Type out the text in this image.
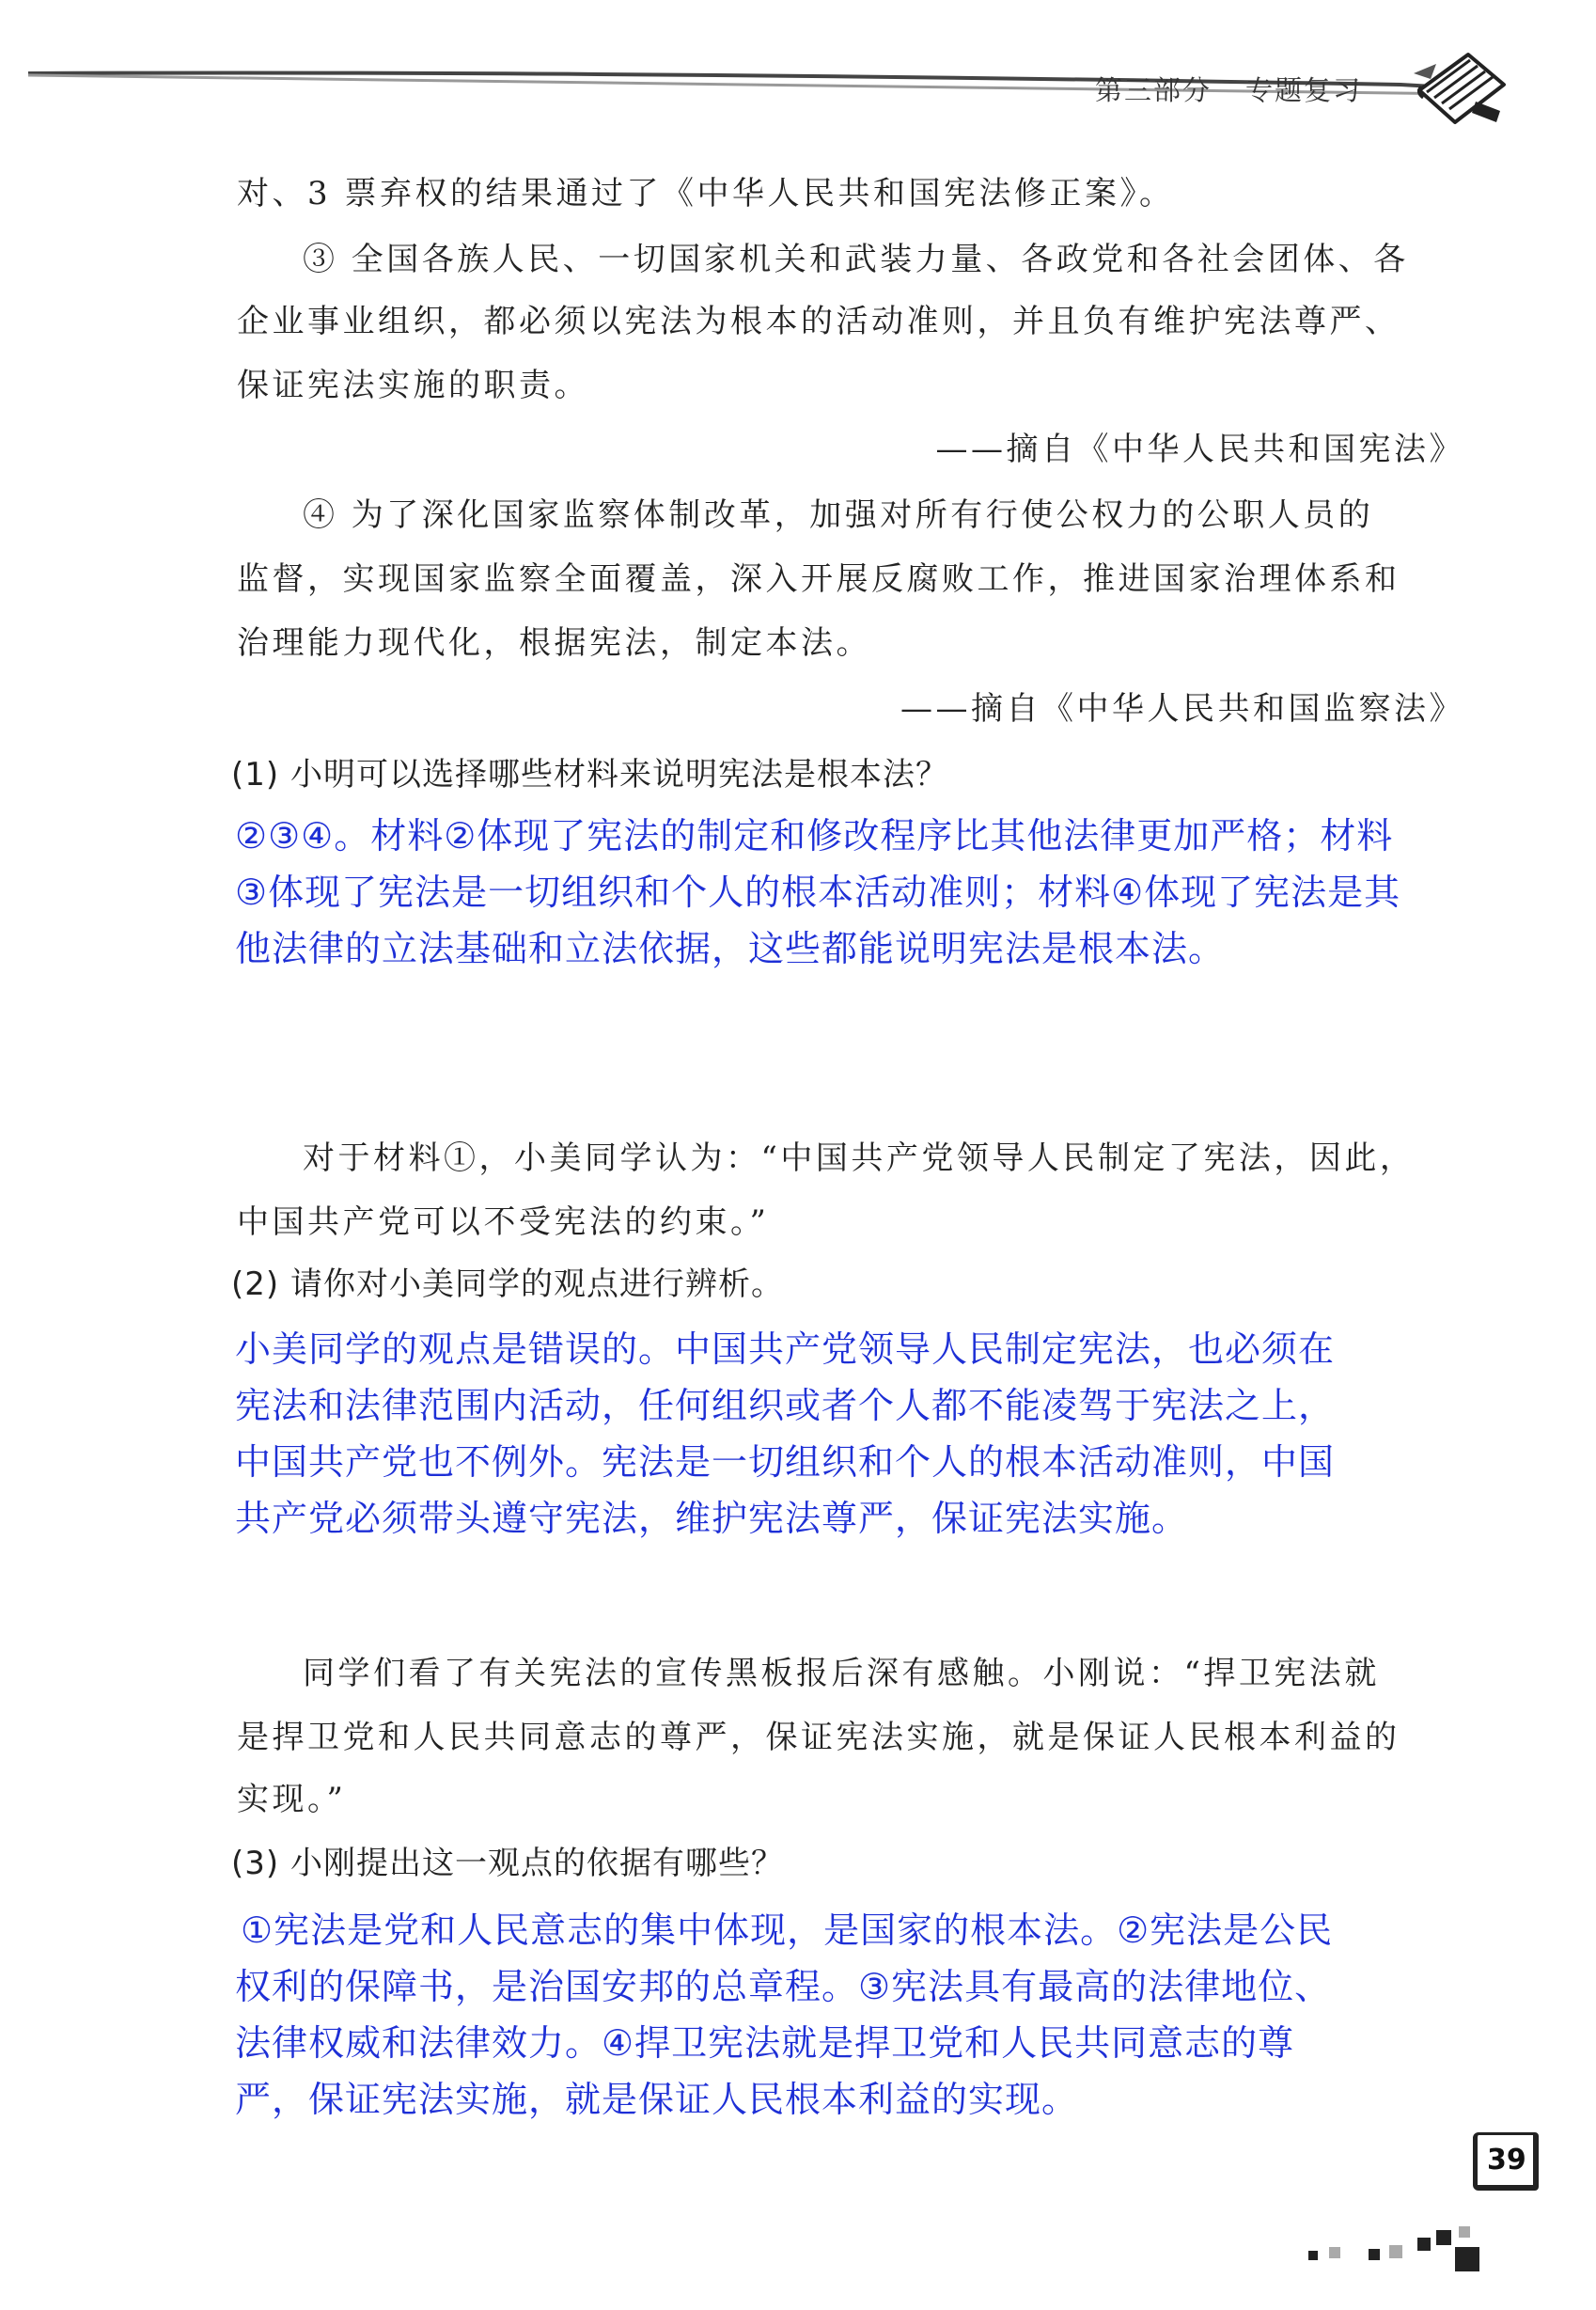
第三部分 专题复习
对、3 票弃权的结果通过了《中华人民共和国宪法修正案》。
③ 全国各族人民、一切国家机关和武装力量、各政党和各社会团体、各
企业事业组织，都必须以宪法为根本的活动准则，并且负有维护宪法尊严、
保证宪法实施的职责。
——摘自《中华人民共和国宪法》
④ 为了深化国家监察体制改革，加强对所有行使公权力的公职人员的
监督，实现国家监察全面覆盖，深入开展反腐败工作，推进国家治理体系和
治理能力现代化，根据宪法，制定本法。
——摘自《中华人民共和国监察法》
(1) 小明可以选择哪些材料来说明宪法是根本法？
②③④。材料②体现了宪法的制定和修改程序比其他法律更加严格；材料
③体现了宪法是一切组织和个人的根本活动准则；材料④体现了宪法是其
他法律的立法基础和立法依据，这些都能说明宪法是根本法。
对于材料①，小美同学认为：“中国共产党领导人民制定了宪法，因此，
中国共产党可以不受宪法的约束。”
(2) 请你对小美同学的观点进行辨析。
小美同学的观点是错误的。中国共产党领导人民制定宪法，也必须在
宪法和法律范围内活动，任何组织或者个人都不能凌驾于宪法之上，
中国共产党也不例外。宪法是一切组织和个人的根本活动准则，中国
共产党必须带头遵守宪法，维护宪法尊严，保证宪法实施。
同学们看了有关宪法的宣传黑板报后深有感触。小刚说：“捍卫宪法就
是捍卫党和人民共同意志的尊严，保证宪法实施，就是保证人民根本利益的
实现。”
(3) 小刚提出这一观点的依据有哪些？
①宪法是党和人民意志的集中体现，是国家的根本法。②宪法是公民
权利的保障书，是治国安邦的总章程。③宪法具有最高的法律地位、
法律权威和法律效力。④捍卫宪法就是捍卫党和人民共同意志的尊
严，保证宪法实施，就是保证人民根本利益的实现。
39
